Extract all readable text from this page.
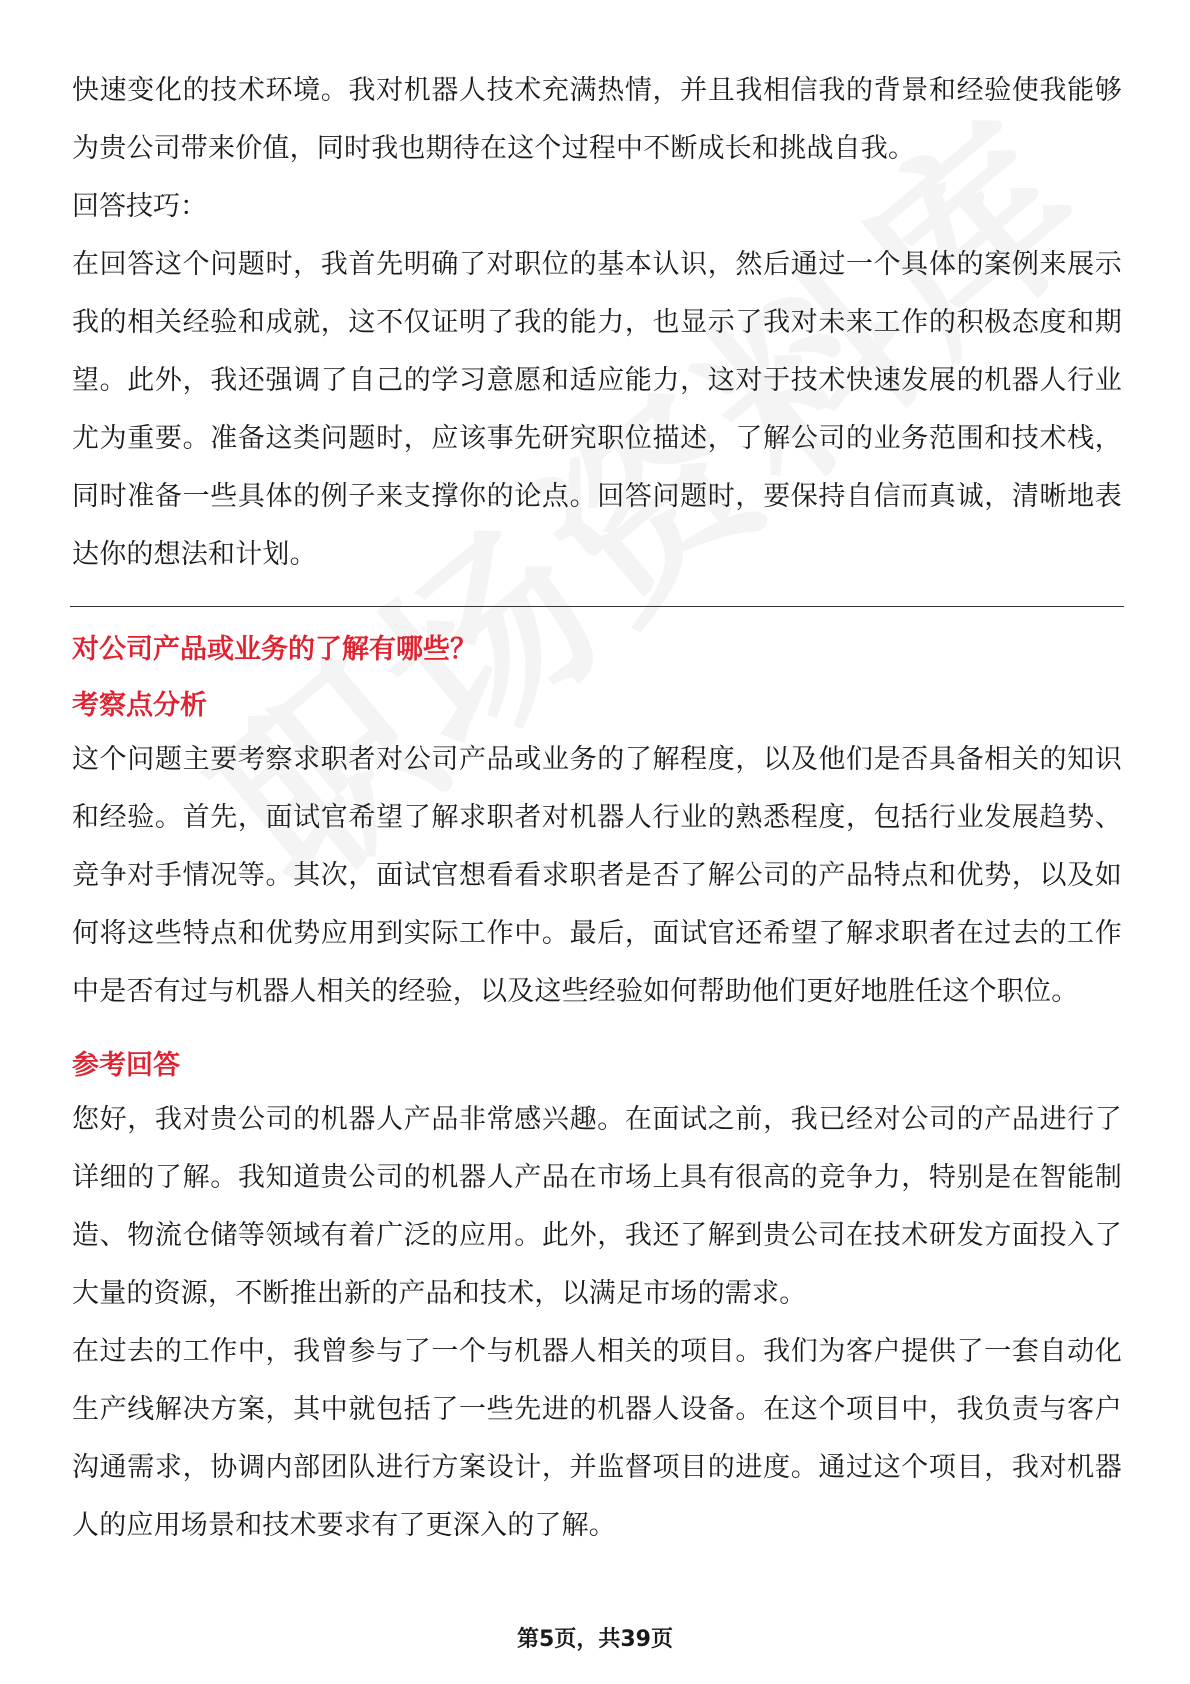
快速变化的技术环境。我对机器人技术充满热情，并且我相信我的背景和经验使我能够为贵公司带来价值，同时我也期待在这个过程中不断成长和挑战自我。

回答技巧：

在回答这个问题时，我首先明确了对职位的基本认识，然后通过一个具体的案例来展示我的相关经验和成就，这不仅证明了我的能力，也显示了我对未来工作的积极态度和期望。此外，我还强调了自己的学习意愿和适应能力，这对于技术快速发展的机器人行业尤为重要。准备这类问题时，应该事先研究职位描述，了解公司的业务范围和技术栈，同时准备一些具体的例子来支撑你的论点。回答问题时，要保持自信而真诚，清晰地表达你的想法和计划。

对公司产品或业务的了解有哪些？

考察点分析

这个问题主要考察求职者对公司产品或业务的了解程度，以及他们是否具备相关的知识和经验。首先，面试官希望了解求职者对机器人行业的熟悉程度，包括行业发展趋势、竞争对手情况等。其次，面试官想看看求职者是否了解公司的产品特点和优势，以及如何将这些特点和优势应用到实际工作中。最后，面试官还希望了解求职者在过去的工作中是否有过与机器人相关的经验，以及这些经验如何帮助他们更好地胜任这个职位。

参考回答

您好，我对贵公司的机器人产品非常感兴趣。在面试之前，我已经对公司的产品进行了详细的了解。我知道贵公司的机器人产品在市场上具有很高的竞争力，特别是在智能制造、物流仓储等领域有着广泛的应用。此外，我还了解到贵公司在技术研发方面投入了大量的资源，不断推出新的产品和技术，以满足市场的需求。

在过去的工作中，我曾参与了一个与机器人相关的项目。我们为客户提供了一套自动化生产线解决方案，其中就包括了一些先进的机器人设备。在这个项目中，我负责与客户沟通需求，协调内部团队进行方案设计，并监督项目的进度。通过这个项目，我对机器人的应用场景和技术要求有了更深入的了解。

第5页，共39页
